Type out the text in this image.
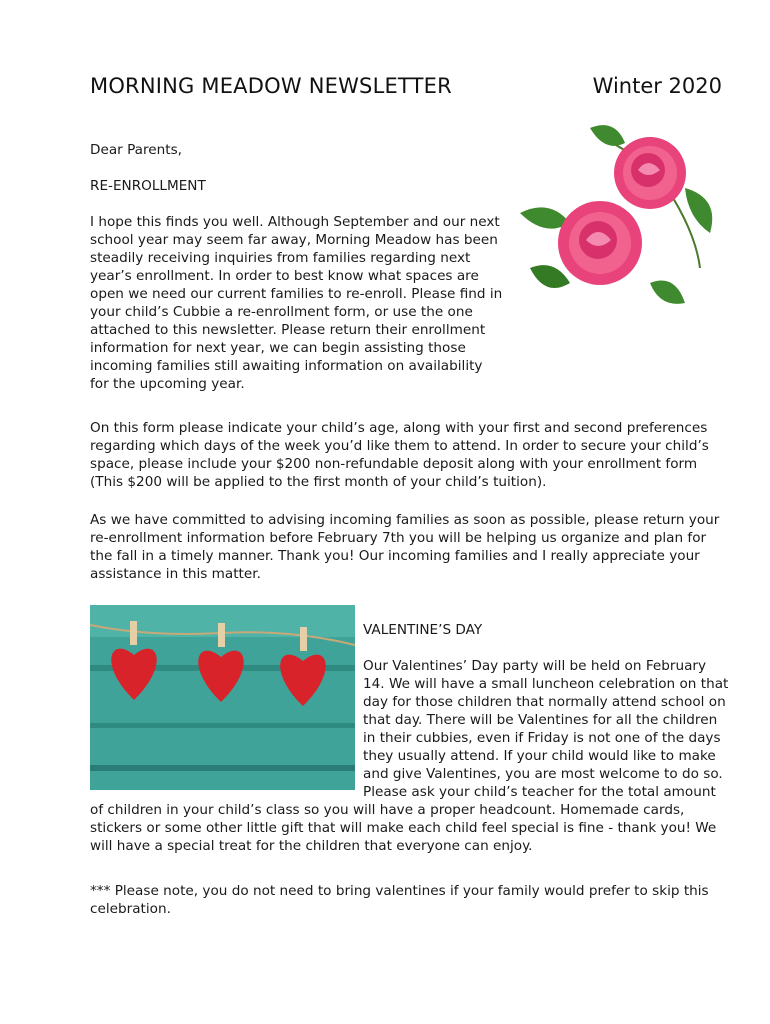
MORNING MEADOW NEWSLETTER	Winter 2020

Dear Parents,

RE-ENROLLMENT

I hope this finds you well. Although September and our next school year may seem far away, Morning Meadow has been steadily receiving inquiries from families regarding next year’s enrollment. In order to best know what spaces are open we need our current families to re-enroll. Please find in your child’s Cubbie a re-enrollment form, or use the one attached to this newsletter. Please return their enrollment information for next year, we can begin assisting those incoming families still awaiting information on availability for the upcoming year.

On this form please indicate your child’s age, along with your first and second preferences regarding which days of the week you’d like them to attend. In order to secure your child’s space, please include your $200 non-refundable deposit along with your enrollment form (This $200 will be applied to the first month of your child’s tuition).

As we have committed to advising incoming families as soon as possible, please return your re-enrollment information before February 7th you will be helping us organize and plan for the fall in a timely manner. Thank you! Our incoming families and I really appreciate your assistance in this matter.

VALENTINE’S DAY

Our Valentines’ Day party will be held on February 14. We will have a small luncheon celebration on that day for those children that normally attend school on that day. There will be Valentines for all the children in their cubbies, even if Friday is not one of the days they usually attend. If your child would like to make and give Valentines, you are most welcome to do so. Please ask your child’s teacher for the total amount of children in your child’s class so you will have a proper headcount. Homemade cards, stickers or some other little gift that will make each child feel special is fine - thank you! We will have a special treat for the children that everyone can enjoy.

*** Please note, you do not need to bring valentines if your family would prefer to skip this celebration.
